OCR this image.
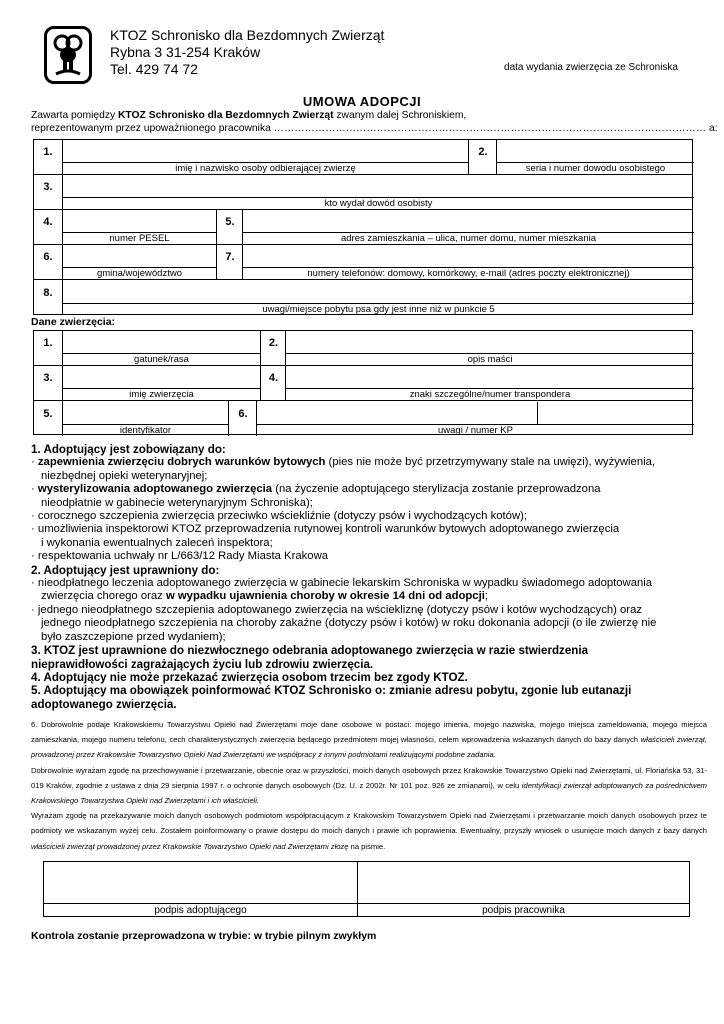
KTOZ Schronisko dla Bezdomnych Zwierząt
Rybna 3 31-254 Kraków
Tel. 429 74 72	data wydania zwierzęcia ze Schroniska
UMOWA ADOPCJI
Zawarta pomiędzy KTOZ Schronisko dla Bezdomnych Zwierząt zwanym dalej Schroniskiem,
reprezentowanym przez upoważnionego pracownika ……………………………………………………………………………………………………………… a:
1.
imię i nazwisko osoby odbierającej zwierzę
2.
seria i numer dowodu osobistego
3.
kto wydał dowód osobisty
4.
numer PESEL
5.
adres zamieszkania – ulica, numer domu, numer mieszkania
6.
gmina/województwo
7.
numery telefonów: domowy, komórkowy, e-mail (adres poczty elektronicznej)
8.
uwagi/miejsce pobytu psa gdy jest inne niż w punkcie 5
Dane zwierzęcia:
1.
gatunek/rasa
2.
opis maści
3.
imię zwierzęcia
4.
znaki szczególne/numer transpondera
5.
identyfikator
6.
uwagi / numer KP

1. Adoptujący jest zobowiązany do:

· zapewnienia zwierzęciu dobrych warunków bytowych (pies nie może być przetrzymywany stale na uwięzi), wyżywienia,

niezbędnej opieki weterynaryjnej;

· wysterylizowania adoptowanego zwierzęcia (na życzenie adoptującego sterylizacja zostanie przeprowadzona

nieodpłatnie w gabinecie weterynaryjnym Schroniska);

· corocznego szczepienia zwierzęcia przeciwko wściekliźnie (dotyczy psów i wychodzących kotów);

· umożliwienia inspektorowi KTOZ przeprowadzenia rutynowej kontroli warunków bytowych adoptowanego zwierzęcia

i wykonania ewentualnych zaleceń inspektora;

· respektowania uchwały nr L/663/12 Rady Miasta Krakowa

2. Adoptujący jest uprawniony do:

· nieodpłatnego leczenia adoptowanego zwierzęcia w gabinecie lekarskim Schroniska w wypadku świadomego adoptowania

zwierzęcia chorego oraz w wypadku ujawnienia choroby w okresie 14 dni od adopcji;

· jednego nieodpłatnego szczepienia adoptowanego zwierzęcia na wściekliznę (dotyczy psów i kotów wychodzących) oraz

jednego nieodpłatnego szczepienia na choroby zakaźne (dotyczy psów i kotów) w roku dokonania adopcji (o ile zwierzę nie

było zaszczepione przed wydaniem);

3. KTOZ jest uprawnione do niezwłocznego odebrania adoptowanego zwierzęcia w razie stwierdzenia

nieprawidłowości zagrażających życiu lub zdrowiu zwierzęcia.

4. Adoptujący nie może przekazać zwierzęcia osobom trzecim bez zgody KTOZ.

5. Adoptujący ma obowiązek poinformować KTOZ Schronisko o: zmianie adresu pobytu, zgonie lub eutanazji

adoptowanego zwierzęcia.

6. Dobrowolnie podaje Krakowskiemu Towarzystwu Opieki nad Zwierzętami moje dane osobowe w postaci: mojego imienia, mojego nazwiska, mojego miejsca zameldowania, mojego miejsca zamieszkania, mojego numeru telefonu, cech charakterystycznych zwierzęcia będącego przedmiotem mojej własności, celem wprowadzenia wskazanych danych do bazy danych właścicieli zwierząt, prowadzonej przez Krakowskie Towarzystwo Opieki Nad Zwierzętami we współpracy z innymi podmiotami realizującymi podobne zadania.

Dobrowolnie wyrażam zgodę na przechowywanie i przetwarzanie, obecnie oraz w przyszłości, moich danych osobowych przez Krakowskie Towarzystwo Opieki nad Zwierzętami, ul. Floriańska 53, 31-019 Kraków, zgodnie z ustawa z dnia 29 sierpnia 1997 r. o ochronie danych osobowych (Dz. U. z 2002r. Nr 101 poz. 926 ze zmianami), w celu identyfikacji zwierząt adoptowanych za pośrednictwem Krakowskiego Towarzystwa Opieki nad Zwierzętami i ich właścicieli.

Wyrażam zgodę na przekazywanie moich danych osobowych podmiotom współpracującym z Krakowskim Towarzystwem Opieki nad Zwierzętami i przetwarzanie moich danych osobowych przez te podmioty we wskazanym wyżej celu. Zostałem poinformowany o prawie dostępu do moich danych i prawie ich poprawienia. Ewentualny, przyszły wniosek o usunięcie moich danych z bazy danych właścicieli zwierząt prowadzonej przez Krakowskie Towarzystwo Opieki nad Zwierzętami złożę na piśmie.

podpis adoptującego	podpis pracownika
Kontrola zostanie przeprowadzona w trybie: w trybie pilnym zwykłym
